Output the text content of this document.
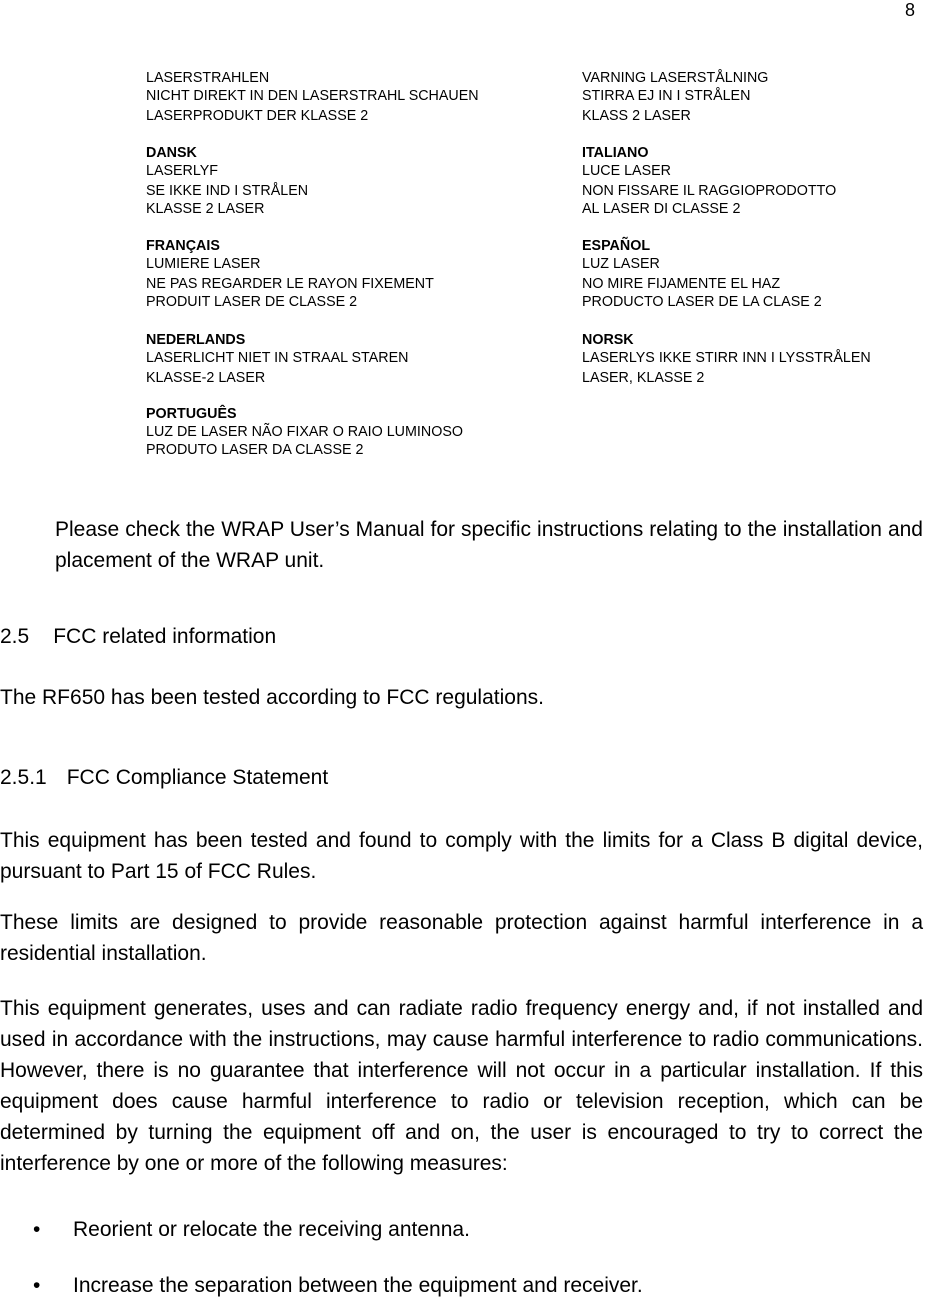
8
LASERSTRAHLEN
NICHT DIREKT IN DEN LASERSTRAHL SCHAUEN
LASERPRODUKT DER KLASSE 2
VARNING LASERSTÅLNING
STIRRA EJ IN I STRÅLEN
KLASS 2 LASER
DANSK
LASERLYF
SE IKKE IND I STRÅLEN
KLASSE 2 LASER
ITALIANO
LUCE LASER
NON FISSARE IL RAGGIOPRODOTTO
AL LASER DI CLASSE 2
FRANÇAIS
LUMIERE LASER
NE PAS REGARDER LE RAYON FIXEMENT
PRODUIT LASER DE CLASSE 2
ESPAÑOL
LUZ LASER
NO MIRE FIJAMENTE EL HAZ
PRODUCTO LASER DE LA CLASE 2
NEDERLANDS
LASERLICHT NIET IN STRAAL STAREN
KLASSE-2 LASER
NORSK
LASERLYS IKKE STIRR INN I LYSSTRÅLEN
LASER, KLASSE 2
PORTUGUÊS
LUZ DE LASER NÃO FIXAR O RAIO LUMINOSO
PRODUTO LASER DA CLASSE 2
Please check the WRAP User’s Manual for specific instructions relating to the installation and placement of the WRAP unit.
2.5 FCC related information
The RF650 has been tested according to FCC regulations.
2.5.1 FCC Compliance Statement
This equipment has been tested and found to comply with the limits for a Class B digital device, pursuant to Part 15 of FCC Rules.
These limits are designed to provide reasonable protection against harmful interference in a residential installation.
This equipment generates, uses and can radiate radio frequency energy and, if not installed and used in accordance with the instructions, may cause harmful interference to radio communications. However, there is no guarantee that interference will not occur in a particular installation. If this equipment does cause harmful interference to radio or television reception, which can be determined by turning the equipment off and on, the user is encouraged to try to correct the interference by one or more of the following measures:
• Reorient or relocate the receiving antenna.
• Increase the separation between the equipment and receiver.
